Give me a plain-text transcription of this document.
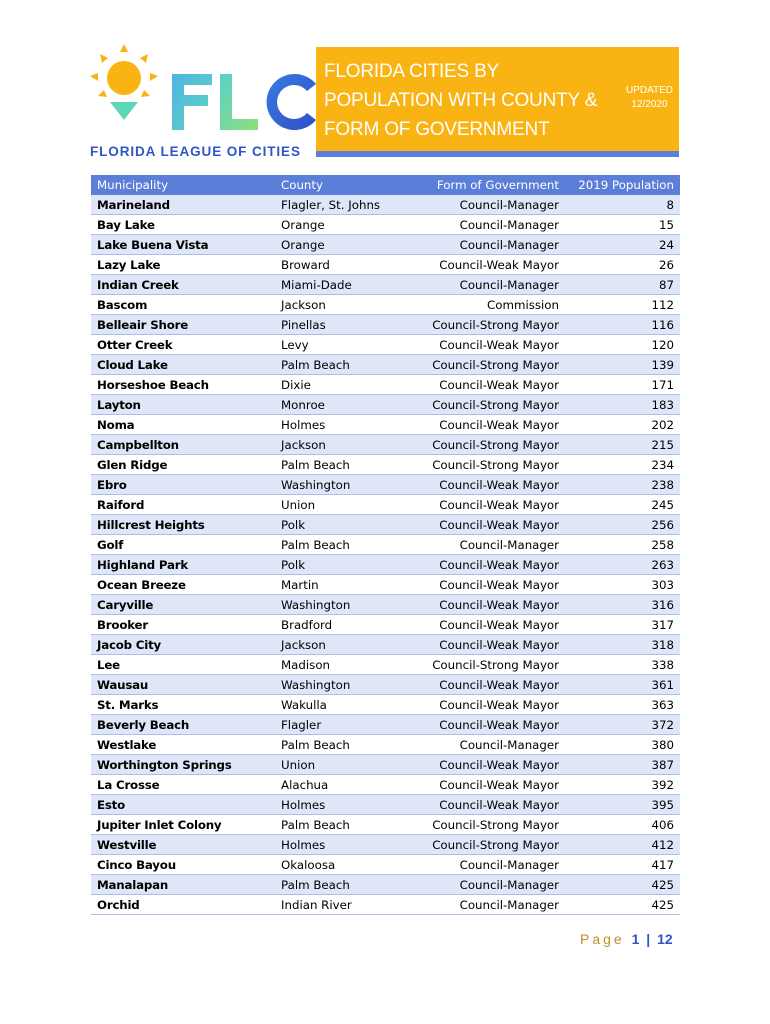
FLORIDA LEAGUE OF CITIES
FLORIDA CITIES BY POPULATION WITH COUNTY & FORM OF GOVERNMENT
UPDATED
12/2020
Municipality	County	Form of Government	2019 Population
Marineland	Flagler, St. Johns	Council-Manager	8
Bay Lake	Orange	Council-Manager	15
Lake Buena Vista	Orange	Council-Manager	24
Lazy Lake	Broward	Council-Weak Mayor	26
Indian Creek	Miami-Dade	Council-Manager	87
Bascom	Jackson	Commission	112
Belleair Shore	Pinellas	Council-Strong Mayor	116
Otter Creek	Levy	Council-Weak Mayor	120
Cloud Lake	Palm Beach	Council-Strong Mayor	139
Horseshoe Beach	Dixie	Council-Weak Mayor	171
Layton	Monroe	Council-Strong Mayor	183
Noma	Holmes	Council-Weak Mayor	202
Campbellton	Jackson	Council-Strong Mayor	215
Glen Ridge	Palm Beach	Council-Strong Mayor	234
Ebro	Washington	Council-Weak Mayor	238
Raiford	Union	Council-Weak Mayor	245
Hillcrest Heights	Polk	Council-Weak Mayor	256
Golf	Palm Beach	Council-Manager	258
Highland Park	Polk	Council-Weak Mayor	263
Ocean Breeze	Martin	Council-Weak Mayor	303
Caryville	Washington	Council-Weak Mayor	316
Brooker	Bradford	Council-Weak Mayor	317
Jacob City	Jackson	Council-Weak Mayor	318
Lee	Madison	Council-Strong Mayor	338
Wausau	Washington	Council-Weak Mayor	361
St. Marks	Wakulla	Council-Weak Mayor	363
Beverly Beach	Flagler	Council-Weak Mayor	372
Westlake	Palm Beach	Council-Manager	380
Worthington Springs	Union	Council-Weak Mayor	387
La Crosse	Alachua	Council-Weak Mayor	392
Esto	Holmes	Council-Weak Mayor	395
Jupiter Inlet Colony	Palm Beach	Council-Strong Mayor	406
Westville	Holmes	Council-Strong Mayor	412
Cinco Bayou	Okaloosa	Council-Manager	417
Manalapan	Palm Beach	Council-Manager	425
Orchid	Indian River	Council-Manager	425
Page 1 | 12
